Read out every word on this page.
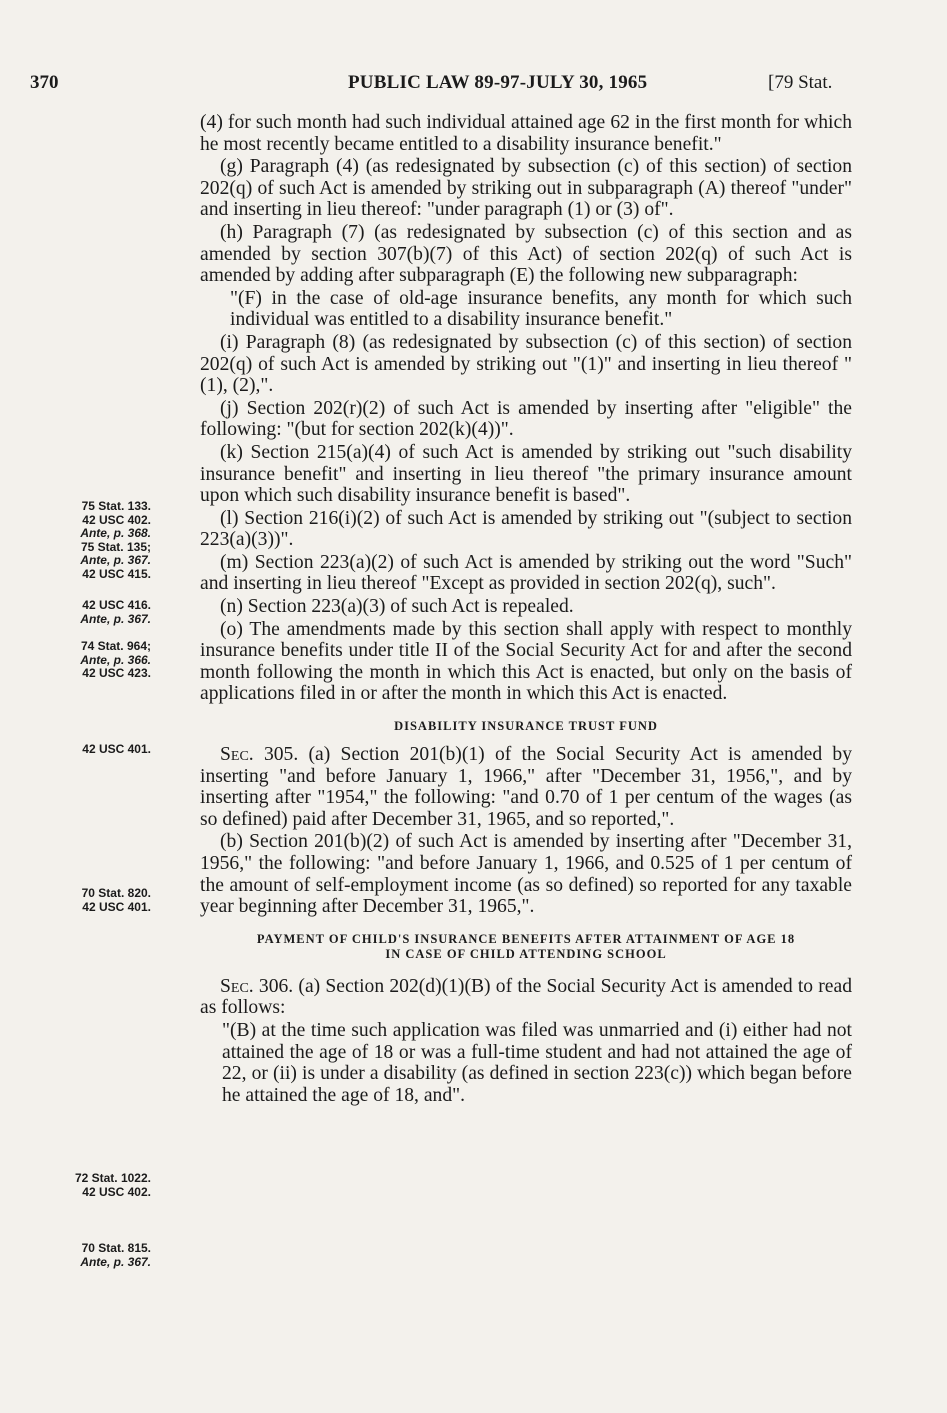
370	PUBLIC LAW 89-97-JULY 30, 1965	[79 Stat.
75 Stat. 133.
42 USC 402.
Ante, p. 368.
75 Stat. 135;
Ante, p. 367.
42 USC 415.
42 USC 416.
Ante, p. 367.
74 Stat. 964;
Ante, p. 366.
42 USC 423.
42 USC 401.
70 Stat. 820.
42 USC 401.
72 Stat. 1022.
42 USC 402.
70 Stat. 815.
Ante, p. 367.

(4) for such month had such individual attained age 62 in the first month for which he most recently became entitled to a disability insurance benefit."

(g) Paragraph (4) (as redesignated by subsection (c) of this section) of section 202(q) of such Act is amended by striking out in subparagraph (A) thereof "under" and inserting in lieu thereof: "under paragraph (1) or (3) of".

(h) Paragraph (7) (as redesignated by subsection (c) of this section and as amended by section 307(b)(7) of this Act) of section 202(q) of such Act is amended by adding after subparagraph (E) the following new subparagraph:

"(F) in the case of old-age insurance benefits, any month for which such individual was entitled to a disability insurance benefit."

(i) Paragraph (8) (as redesignated by subsection (c) of this section) of section 202(q) of such Act is amended by striking out "(1)" and inserting in lieu thereof "(1), (2),".

(j) Section 202(r)(2) of such Act is amended by inserting after "eligible" the following: "(but for section 202(k)(4))".

(k) Section 215(a)(4) of such Act is amended by striking out "such disability insurance benefit" and inserting in lieu thereof "the primary insurance amount upon which such disability insurance benefit is based".

(l) Section 216(i)(2) of such Act is amended by striking out "(subject to section 223(a)(3))".

(m) Section 223(a)(2) of such Act is amended by striking out the word "Such" and inserting in lieu thereof "Except as provided in section 202(q), such".

(n) Section 223(a)(3) of such Act is repealed.

(o) The amendments made by this section shall apply with respect to monthly insurance benefits under title II of the Social Security Act for and after the second month following the month in which this Act is enacted, but only on the basis of applications filed in or after the month in which this Act is enacted.

DISABILITY INSURANCE TRUST FUND

Sec. 305. (a) Section 201(b)(1) of the Social Security Act is amended by inserting "and before January 1, 1966," after "December 31, 1956,", and by inserting after "1954," the following: "and 0.70 of 1 per centum of the wages (as so defined) paid after December 31, 1965, and so reported,".

(b) Section 201(b)(2) of such Act is amended by inserting after "December 31, 1956," the following: "and before January 1, 1966, and 0.525 of 1 per centum of the amount of self-employment income (as so defined) so reported for any taxable year beginning after December 31, 1965,".

PAYMENT OF CHILD'S INSURANCE BENEFITS AFTER ATTAINMENT OF AGE 18
IN CASE OF CHILD ATTENDING SCHOOL

Sec. 306. (a) Section 202(d)(1)(B) of the Social Security Act is amended to read as follows:

"(B) at the time such application was filed was unmarried and (i) either had not attained the age of 18 or was a full-time student and had not attained the age of 22, or (ii) is under a disability (as defined in section 223(c)) which began before he attained the age of 18, and".
